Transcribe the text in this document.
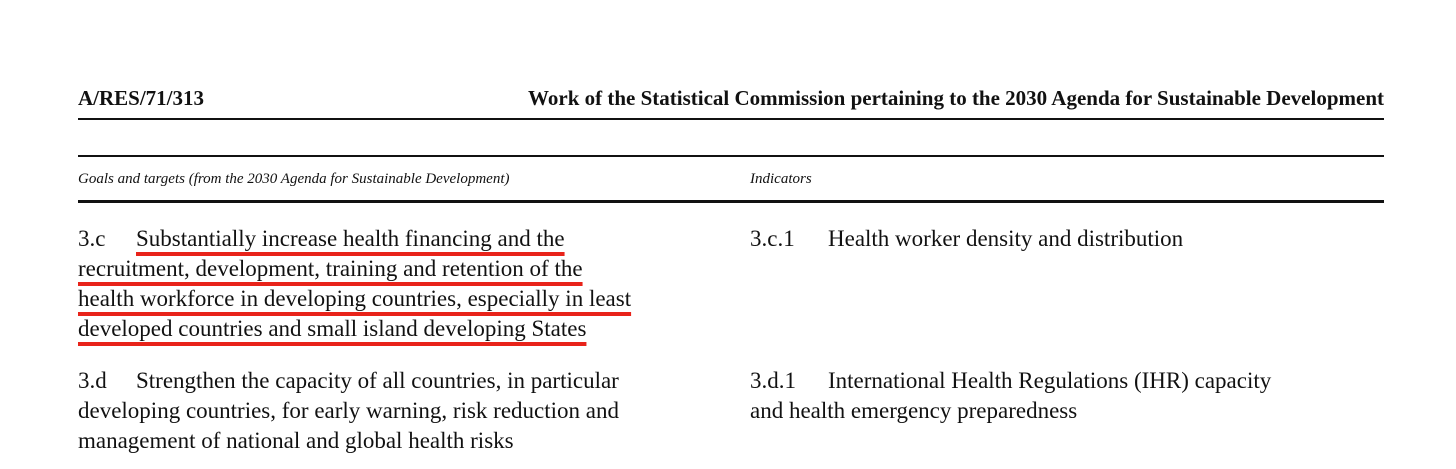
A/RES/71/313	Work of the Statistical Commission pertaining to the 2030 Agenda for Sustainable Development
Goals and targets (from the 2030 Agenda for Sustainable Development)	Indicators
3.c Substantially increase health financing and the
recruitment, development, training and retention of the
health workforce in developing countries, especially in least
developed countries and small island developing States
3.c.1 Health worker density and distribution
3.d Strengthen the capacity of all countries, in particular
developing countries, for early warning, risk reduction and
management of national and global health risks
3.d.1 International Health Regulations (IHR) capacity
and health emergency preparedness
